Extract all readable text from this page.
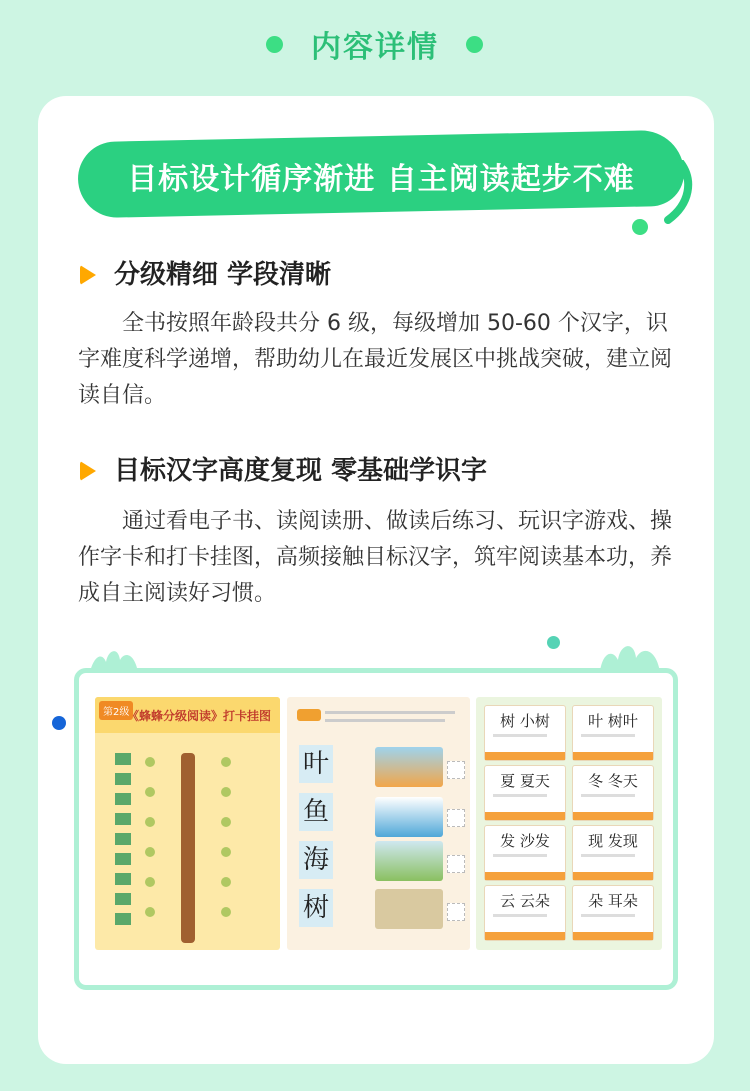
内容详情
目标设计循序渐进 自主阅读起步不难
分级精细 学段清晰
全书按照年龄段共分 6 级，每级增加 50-60 个汉字，识字难度科学递增，帮助幼儿在最近发展区中挑战突破，建立阅读自信。
目标汉字高度复现 零基础学识字
通过看电子书、读阅读册、做读后练习、玩识字游戏、操作字卡和打卡挂图，高频接触目标汉字，筑牢阅读基本功，养成自主阅读好习惯。
第2级
《蜂蜂分级阅读》打卡挂图
叶
鱼
海
树
树 小树	叶 树叶
夏 夏天	冬 冬天
发 沙发	现 发现
云 云朵	朵 耳朵
